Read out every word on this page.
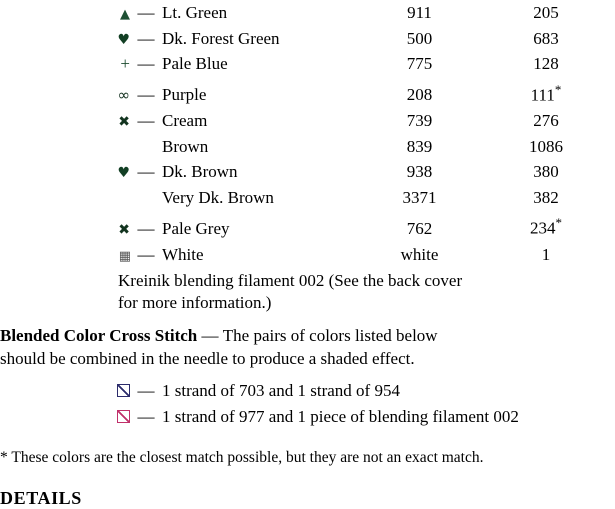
▲	—	Lt. Green	911	205
♥	—	Dk. Forest Green	500	683
+	—	Pale Blue	775	128
∞	—	Purple	208	111*
✖	—	Cream	739	276
		Brown	839	1086
♥	—	Dk. Brown	938	380
		Very Dk. Brown	3371	382
✖	—	Pale Grey	762	234*
▦	—	White	white	1
Kreinik blending filament 002 (See the back cover
for more information.)
Blended Color Cross Stitch — The pairs of colors listed below
should be combined in the needle to produce a shaded effect.
	—	1 strand of 703 and 1 strand of 954
	—	1 strand of 977 and 1 piece of blending filament 002
* These colors are the closest match possible, but they are not an exact match.
DETAILS
